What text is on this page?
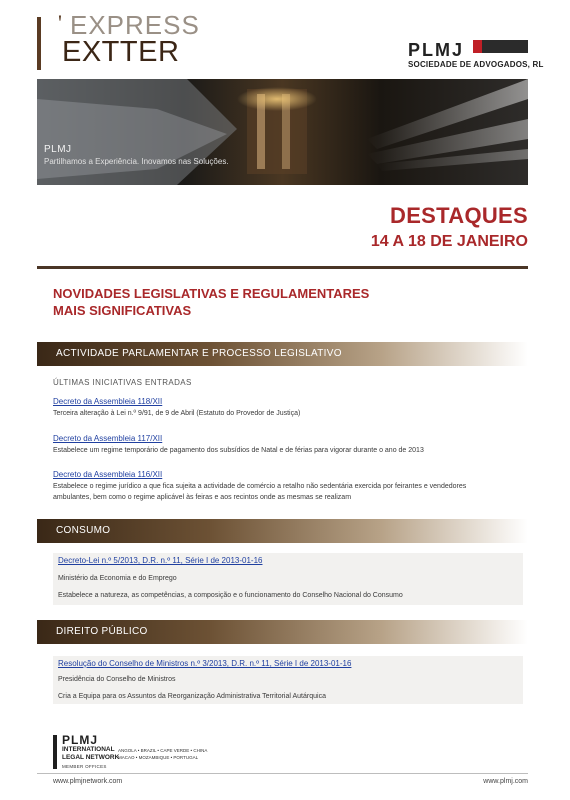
' EXPRESS
EXTTER	PLMJ
SOCIEDADE DE ADVOGADOS, RL
PLMJ
Partilhamos a Experiência. Inovamos nas Soluções.
DESTAQUES
14 A 18 DE JANEIRO
NOVIDADES LEGISLATIVAS E REGULAMENTARES
MAIS SIGNIFICATIVAS
ACTIVIDADE PARLAMENTAR E PROCESSO LEGISLATIVO
ÚLTIMAS INICIATIVAS ENTRADAS
Decreto da Assembleia 118/XII
Terceira alteração à Lei n.º 9/91, de 9 de Abril (Estatuto do Provedor de Justiça)
Decreto da Assembleia 117/XII
Estabelece um regime temporário de pagamento dos subsídios de Natal e de férias para vigorar durante o ano de 2013
Decreto da Assembleia 116/XII
Estabelece o regime jurídico a que fica sujeita a actividade de comércio a retalho não sedentária exercida por feirantes e vendedores
ambulantes, bem como o regime aplicável às feiras e aos recintos onde as mesmas se realizam
CONSUMO
Decreto-Lei n.º 5/2013, D.R. n.º 11, Série I de 2013-01-16
Ministério da Economia e do Emprego
Estabelece a natureza, as competências, a composição e o funcionamento do Conselho Nacional do Consumo
DIREITO PÚBLICO
Resolução do Conselho de Ministros n.º 3/2013, D.R. n.º 11, Série I de 2013-01-16
Presidência do Conselho de Ministros
Cria a Equipa para os Assuntos da Reorganização Administrativa Territorial Autárquica
PLMJ
INTERNATIONAL
LEGAL NETWORK
MEMBER OFFICES
ANGOLA • BRAZIL • CAPE VERDE • CHINA
MACAO • MOZAMBIQUE • PORTUGAL
www.plmjnetwork.com	www.plmj.com
